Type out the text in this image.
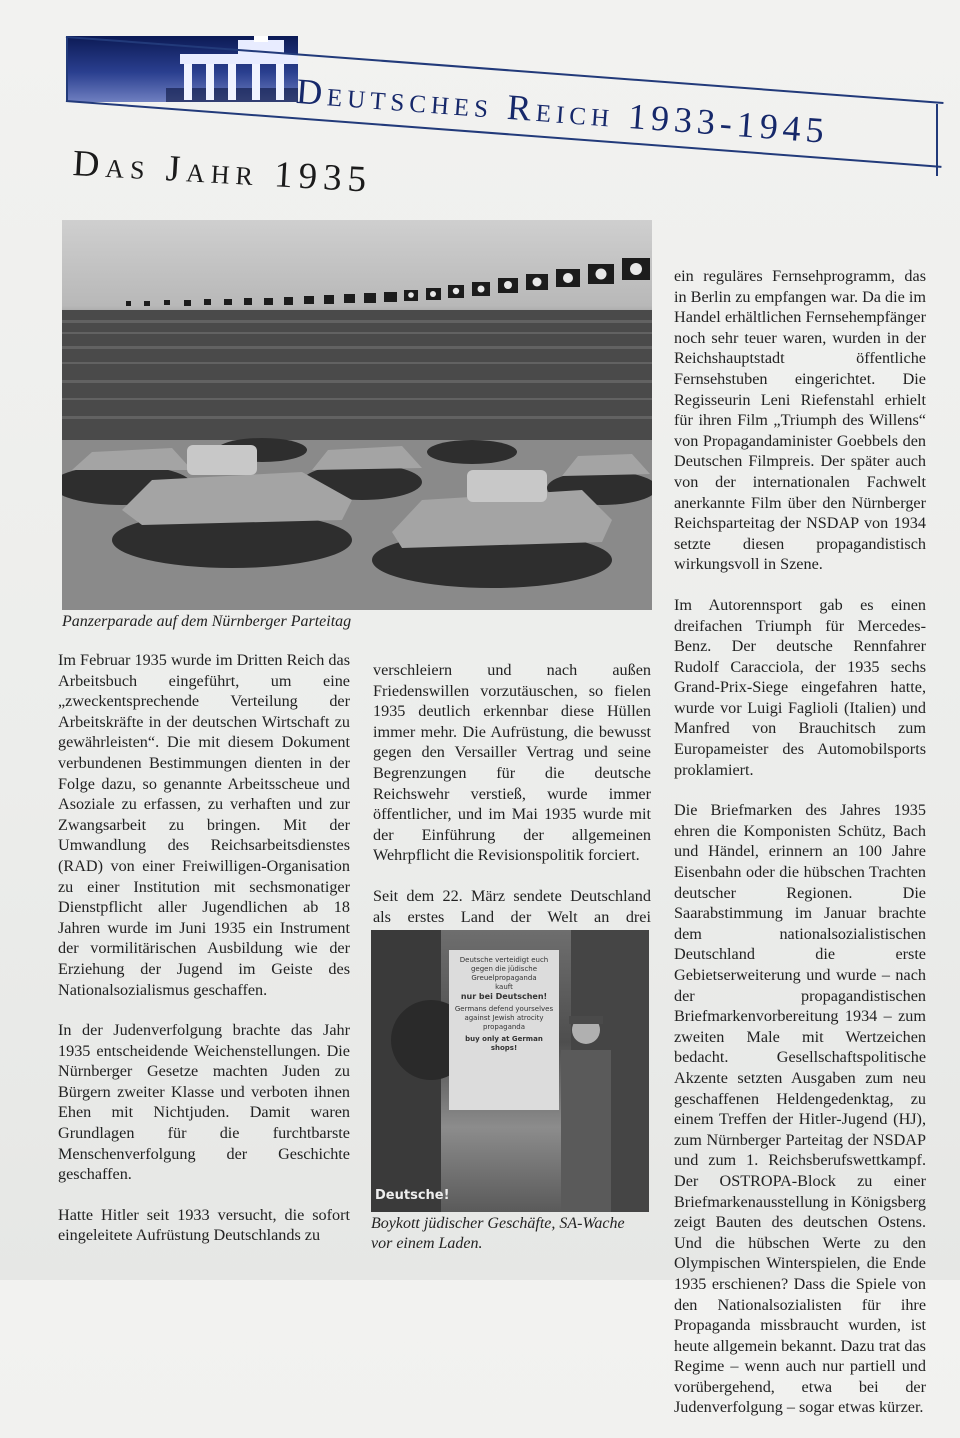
Deutsches Reich 1933-1945
Das Jahr 1935
Panzerparade auf dem Nürnberger Parteitag

Im Februar 1935 wurde im Dritten Reich das Arbeitsbuch eingeführt, um eine „zweckentsprechende Verteilung der Arbeitskräfte in der deutschen Wirtschaft zu gewährleisten“. Die mit diesem Dokument verbundenen Bestimmungen dienten in der Folge dazu, so genannte Arbeitsscheue und Asoziale zu erfassen, zu verhaften und zur Zwangsarbeit zu bringen. Mit der Umwandlung des Reichsarbeitsdienstes (RAD) von einer Freiwilligen-Organisation zu einer Institution mit sechsmonatiger Dienstpflicht aller Jugendlichen ab 18 Jahren wurde im Juni 1935 ein Instrument der vormilitärischen Ausbildung wie der Erziehung der Jugend im Geiste des Nationalsozialismus geschaffen.

In der Judenverfolgung brachte das Jahr 1935 entscheidende Weichenstellungen. Die Nürnberger Gesetze machten Juden zu Bürgern zweiter Klasse und verboten ihnen Ehen mit Nichtjuden. Damit waren Grundlagen für die furchtbarste Menschenverfolgung der Geschichte geschaffen.

Hatte Hitler seit 1933 versucht, die sofort eingeleitete Aufrüstung Deutschlands zu

verschleiern und nach außen Friedenswillen vorzutäuschen, so fielen 1935 deutlich erkennbar diese Hüllen immer mehr. Die Aufrüstung, die bewusst gegen den Versailler Vertrag und seine Begrenzungen für die deutsche Reichswehr verstieß, wurde immer öffentlicher, und im Mai 1935 wurde mit der Einführung der allgemeinen Wehrpflicht die Revisionspolitik forciert.

Seit dem 22. März sendete Deutschland als erstes Land der Welt an drei

Deutsche verteidigt euch
gegen die jüdische
Greuelpropaganda
kauft
nur bei Deutschen!
Germans defend yourselves against Jewish atrocity propaganda
buy only at German shops!
Deutsche!
Boykott jüdischer Geschäfte, SA-Wache
vor einem Laden.

ein reguläres Fernsehprogramm, das in Berlin zu empfangen war. Da die im Handel erhältlichen Fernsehempfänger noch sehr teuer waren, wurden in der Reichshauptstadt öffentliche Fernsehstuben eingerichtet. Die Regisseurin Leni Riefenstahl erhielt für ihren Film „Triumph des Willens“ von Propagandaminister Goebbels den Deutschen Filmpreis. Der später auch von der internationalen Fachwelt anerkannte Film über den Nürnberger Reichsparteitag der NSDAP von 1934 setzte diesen propagandistisch wirkungsvoll in Szene.

Im Autorennsport gab es einen dreifachen Triumph für Mercedes-Benz. Der deutsche Rennfahrer Rudolf Caracciola, der 1935 sechs Grand-Prix-Siege eingefahren hatte, wurde vor Luigi Faglioli (Italien) und Manfred von Brauchitsch zum Europameister des Automobilsports proklamiert.

Die Briefmarken des Jahres 1935 ehren die Komponisten Schütz, Bach und Händel, erinnern an 100 Jahre Eisenbahn oder die hübschen Trachten deutscher Regionen. Die Saarabstimmung im Januar brachte dem nationalsozialistischen Deutschland die erste Gebietserweiterung und wurde – nach der propagandistischen Briefmarkenvorbereitung 1934 – zum zweiten Male mit Wertzeichen bedacht. Gesellschaftspolitische Akzente setzten Ausgaben zum neu geschaffenen Heldengedenktag, zu einem Treffen der Hitler-Jugend (HJ), zum Nürnberger Parteitag der NSDAP und zum 1. Reichsberufswettkampf. Der OSTROPA-Block zu einer Briefmarkenausstellung in Königsberg zeigt Bauten des deutschen Ostens. Und die hübschen Werte zu den Olympischen Winterspielen, die Ende 1935 erschienen? Dass die Spiele von den Nationalsozialisten für ihre Propaganda missbraucht wurden, ist heute allgemein bekannt. Dazu trat das Regime – wenn auch nur partiell und vorübergehend, etwa bei der Judenverfolgung – sogar etwas kürzer.
